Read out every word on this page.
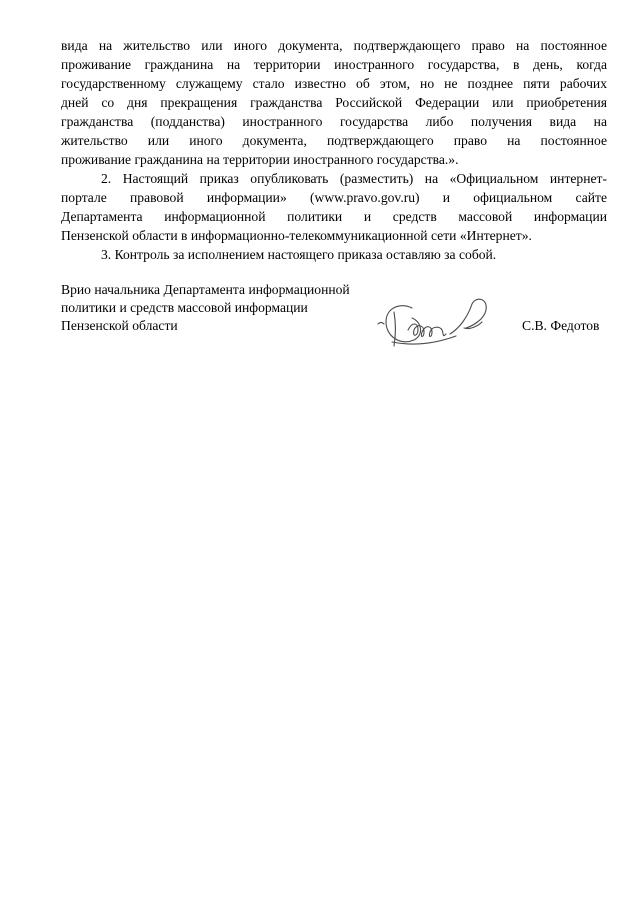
вида на жительство или иного документа, подтверждающего право на постоянное
проживание гражданина на территории иностранного государства, в день, когда
государственному служащему стало известно об этом, но не позднее пяти рабочих
дней со дня прекращения гражданства Российской Федерации или приобретения
гражданства (подданства) иностранного государства либо получения вида на
жительство или иного документа, подтверждающего право на постоянное
проживание гражданина на территории иностранного государства.».
2. Настоящий приказ опубликовать (разместить) на «Официальном интернет-
портале правовой информации» (www.pravo.gov.ru) и официальном сайте
Департамента информационной политики и средств массовой информации
Пензенской области в информационно-телекоммуникационной сети «Интернет».
3. Контроль за исполнением настоящего приказа оставляю за собой.
Врио начальника Департамента информационной
политики и средств массовой информации
Пензенской области	С.В. Федотов
